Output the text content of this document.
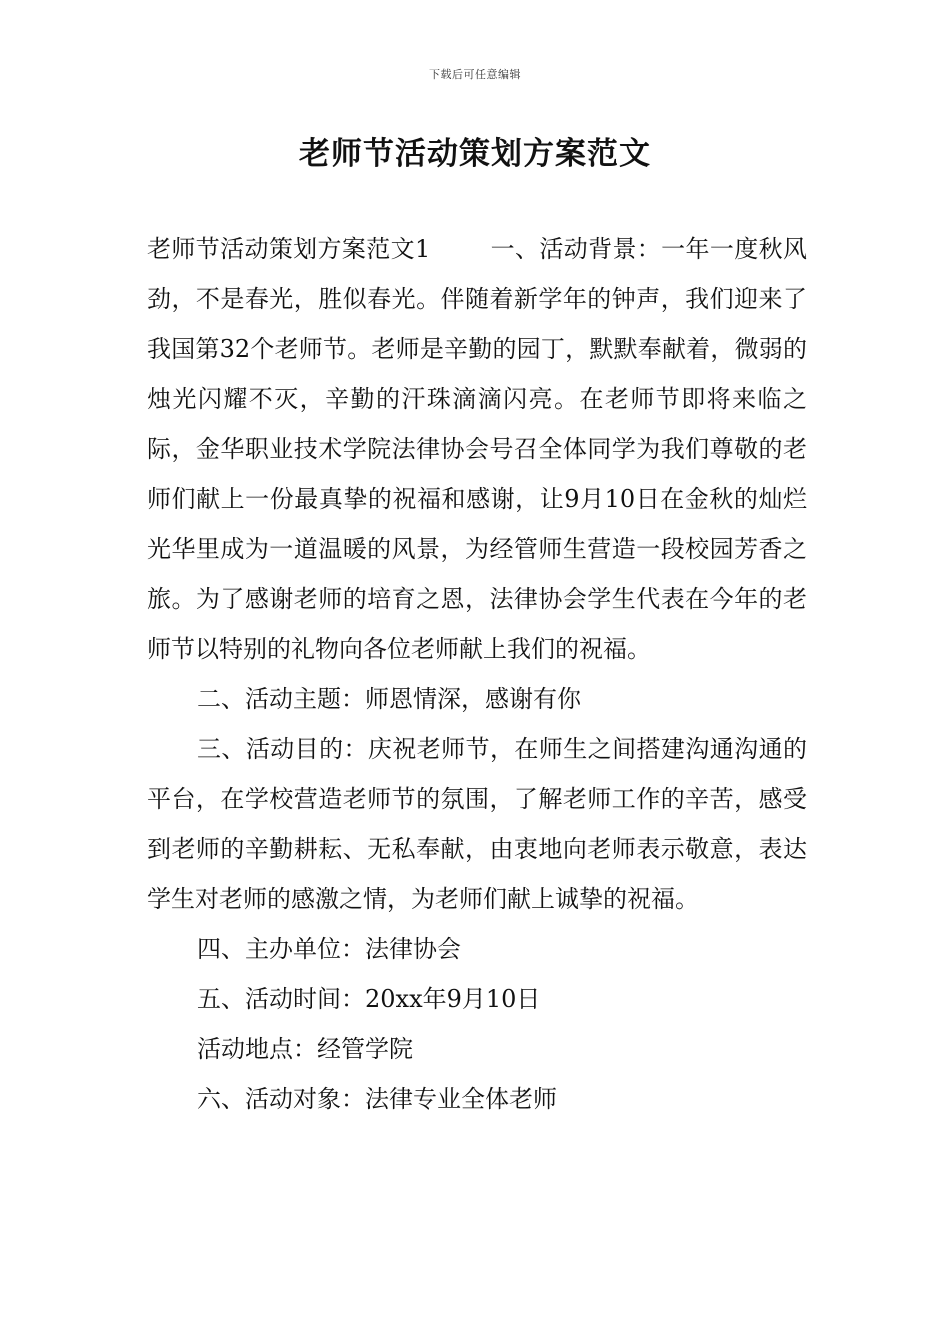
下载后可任意编辑
老师节活动策划方案范文

老师节活动策划方案范文1	一、活动背景：一年一度秋风劲，不是春光，胜似春光。伴随着新学年的钟声，我们迎来了我国第32个老师节。老师是辛勤的园丁，默默奉献着，微弱的烛光闪耀不灭，辛勤的汗珠滴滴闪亮。在老师节即将来临之际，金华职业技术学院法律协会号召全体同学为我们尊敬的老师们献上一份最真挚的祝福和感谢，让9月10日在金秋的灿烂光华里成为一道温暖的风景，为经管师生营造一段校园芳香之旅。为了感谢老师的培育之恩，法律协会学生代表在今年的老师节以特别的礼物向各位老师献上我们的祝福。

二、活动主题：师恩情深，感谢有你

三、活动目的：庆祝老师节，在师生之间搭建沟通沟通的平台，在学校营造老师节的氛围，了解老师工作的辛苦，感受到老师的辛勤耕耘、无私奉献，由衷地向老师表示敬意，表达学生对老师的感激之情，为老师们献上诚挚的祝福。

四、主办单位：法律协会

五、活动时间：20xx年9月10日

活动地点：经管学院

六、活动对象：法律专业全体老师
